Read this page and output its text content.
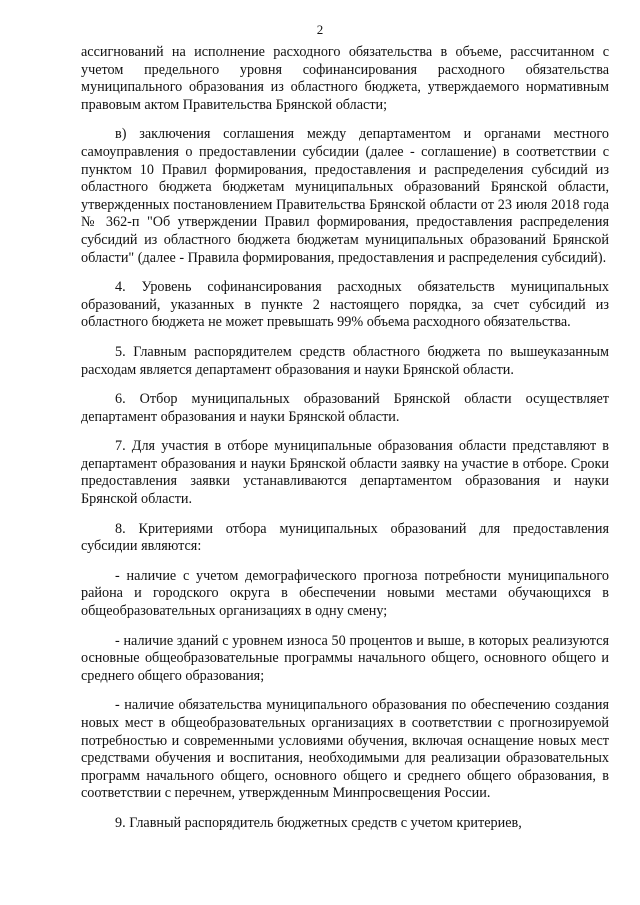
2

ассигнований на исполнение расходного обязательства в объеме, рассчитанном с учетом предельного уровня софинансирования расходного обязательства муниципального образования из областного бюджета, утверждаемого нормативным правовым актом Правительства Брянской области;

в) заключения соглашения между департаментом и органами местного самоуправления о предоставлении субсидии (далее - соглашение) в соответствии с пунктом 10 Правил формирования, предоставления и распределения субсидий из областного бюджета бюджетам муниципальных образований Брянской области, утвержденных постановлением Правительства Брянской области от 23 июля 2018 года № 362-п "Об утверждении Правил формирования, предоставления распределения субсидий из областного бюджета бюджетам муниципальных образований Брянской области" (далее - Правила формирования, предоставления и распределения субсидий).

4. Уровень софинансирования расходных обязательств муниципальных образований, указанных в пункте 2 настоящего порядка, за счет субсидий из областного бюджета не может превышать 99% объема расходного обязательства.

5. Главным распорядителем средств областного бюджета по вышеуказанным расходам является департамент образования и науки Брянской области.

6. Отбор муниципальных образований Брянской области осуществляет департамент образования и науки Брянской области.

7. Для участия в отборе муниципальные образования области представляют в департамент образования и науки Брянской области заявку на участие в отборе. Сроки предоставления заявки устанавливаются департаментом образования и науки Брянской области.

8. Критериями отбора муниципальных образований для предоставления субсидии являются:

- наличие с учетом демографического прогноза потребности муниципального района и городского округа в обеспечении новыми местами обучающихся в общеобразовательных организациях в одну смену;

- наличие зданий с уровнем износа 50 процентов и выше, в которых реализуются основные общеобразовательные программы начального общего, основного общего и среднего общего образования;

- наличие обязательства муниципального образования по обеспечению создания новых мест в общеобразовательных организациях в соответствии с прогнозируемой потребностью и современными условиями обучения, включая оснащение новых мест средствами обучения и воспитания, необходимыми для реализации образовательных программ начального общего, основного общего и среднего общего образования, в соответствии с перечнем, утвержденным Минпросвещения России.

9. Главный распорядитель бюджетных средств с учетом критериев,
